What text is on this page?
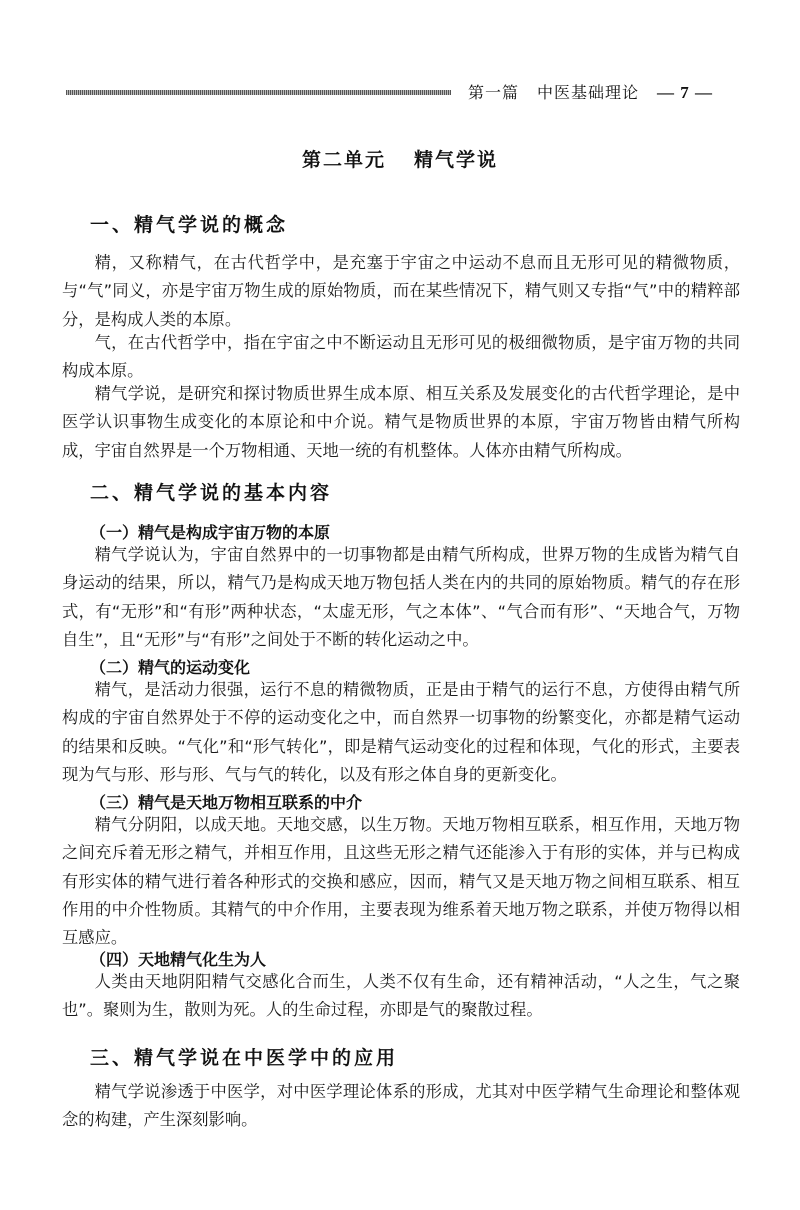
第一篇 中医基础理论 — 7 —
第二单元 精气学说
一、精气学说的概念

精，又称精气，在古代哲学中，是充塞于宇宙之中运动不息而且无形可见的精微物质，与“气”同义，亦是宇宙万物生成的原始物质，而在某些情况下，精气则又专指“气”中的精粹部分，是构成人类的本原。

气，在古代哲学中，指在宇宙之中不断运动且无形可见的极细微物质，是宇宙万物的共同构成本原。

精气学说，是研究和探讨物质世界生成本原、相互关系及发展变化的古代哲学理论，是中医学认识事物生成变化的本原论和中介说。精气是物质世界的本原，宇宙万物皆由精气所构成，宇宙自然界是一个万物相通、天地一统的有机整体。人体亦由精气所构成。

二、精气学说的基本内容
（一）精气是构成宇宙万物的本原

精气学说认为，宇宙自然界中的一切事物都是由精气所构成，世界万物的生成皆为精气自身运动的结果，所以，精气乃是构成天地万物包括人类在内的共同的原始物质。精气的存在形式，有“无形”和“有形”两种状态，“太虚无形，气之本体”、“气合而有形”、“天地合气，万物自生”，且“无形”与“有形”之间处于不断的转化运动之中。

（二）精气的运动变化

精气，是活动力很强，运行不息的精微物质，正是由于精气的运行不息，方使得由精气所构成的宇宙自然界处于不停的运动变化之中，而自然界一切事物的纷繁变化，亦都是精气运动的结果和反映。“气化”和“形气转化”，即是精气运动变化的过程和体现，气化的形式，主要表现为气与形、形与形、气与气的转化，以及有形之体自身的更新变化。

（三）精气是天地万物相互联系的中介

精气分阴阳，以成天地。天地交感，以生万物。天地万物相互联系，相互作用，天地万物之间充斥着无形之精气，并相互作用，且这些无形之精气还能渗入于有形的实体，并与已构成有形实体的精气进行着各种形式的交换和感应，因而，精气又是天地万物之间相互联系、相互作用的中介性物质。其精气的中介作用，主要表现为维系着天地万物之联系，并使万物得以相互感应。

（四）天地精气化生为人

人类由天地阴阳精气交感化合而生，人类不仅有生命，还有精神活动，“人之生，气之聚也”。聚则为生，散则为死。人的生命过程，亦即是气的聚散过程。

三、精气学说在中医学中的应用

精气学说渗透于中医学，对中医学理论体系的形成，尤其对中医学精气生命理论和整体观念的构建，产生深刻影响。
